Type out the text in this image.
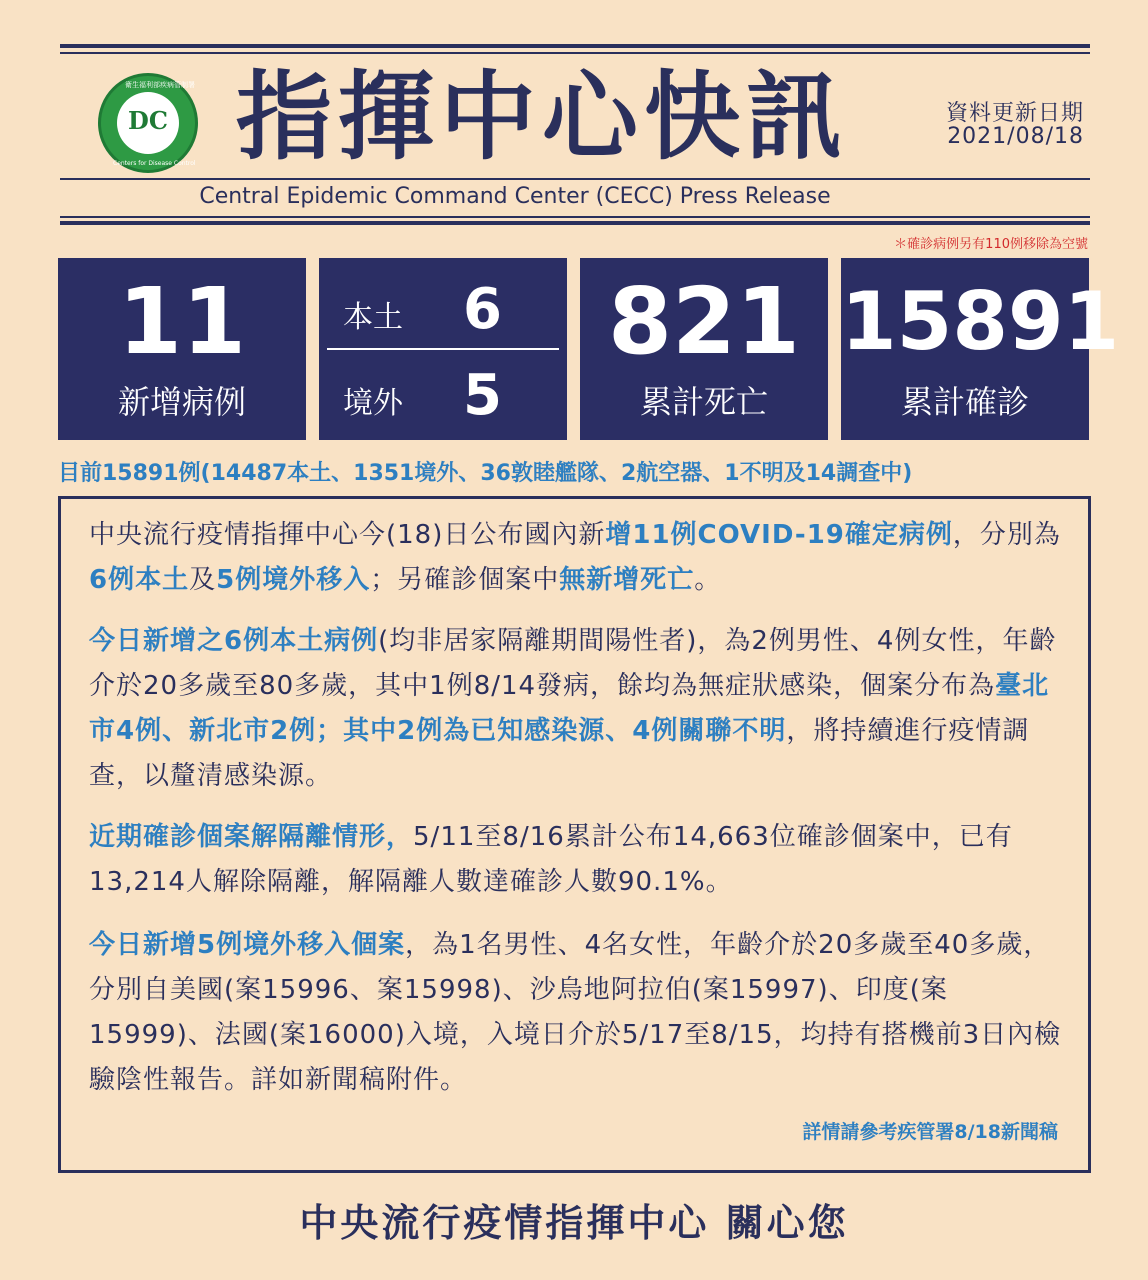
DC
衛生福利部疾病管制署
Centers for Disease Control 指揮中心快訊	資料更新日期
2021/08/18
Central Epidemic Command Center (CECC) Press Release
＊確診病例另有110例移除為空號
11
新增病例
本土 6
境外 5
821
累計死亡
15891
累計確診
目前15891例(14487本土、1351境外、36敦睦艦隊、2航空器、1不明及14調查中)
中央流行疫情指揮中心今(18)日公布國內新增11例COVID-19確定病例，分別為6例本土及5例境外移入；另確診個案中無新增死亡。
今日新增之6例本土病例(均非居家隔離期間陽性者)，為2例男性、4例女性，年齡介於20多歲至80多歲，其中1例8/14發病，餘均為無症狀感染，個案分布為臺北市4例、新北市2例；其中2例為已知感染源、4例關聯不明，將持續進行疫情調查，以釐清感染源。
近期確診個案解隔離情形，5/11至8/16累計公布14,663位確診個案中，已有13,214人解除隔離，解隔離人數達確診人數90.1%。
今日新增5例境外移入個案，為1名男性、4名女性，年齡介於20多歲至40多歲，分別自美國(案15996、案15998)、沙烏地阿拉伯(案15997)、印度(案15999)、法國(案16000)入境，入境日介於5/17至8/15，均持有搭機前3日內檢驗陰性報告。詳如新聞稿附件。
詳情請參考疾管署8/18新聞稿
中央流行疫情指揮中心 關心您
